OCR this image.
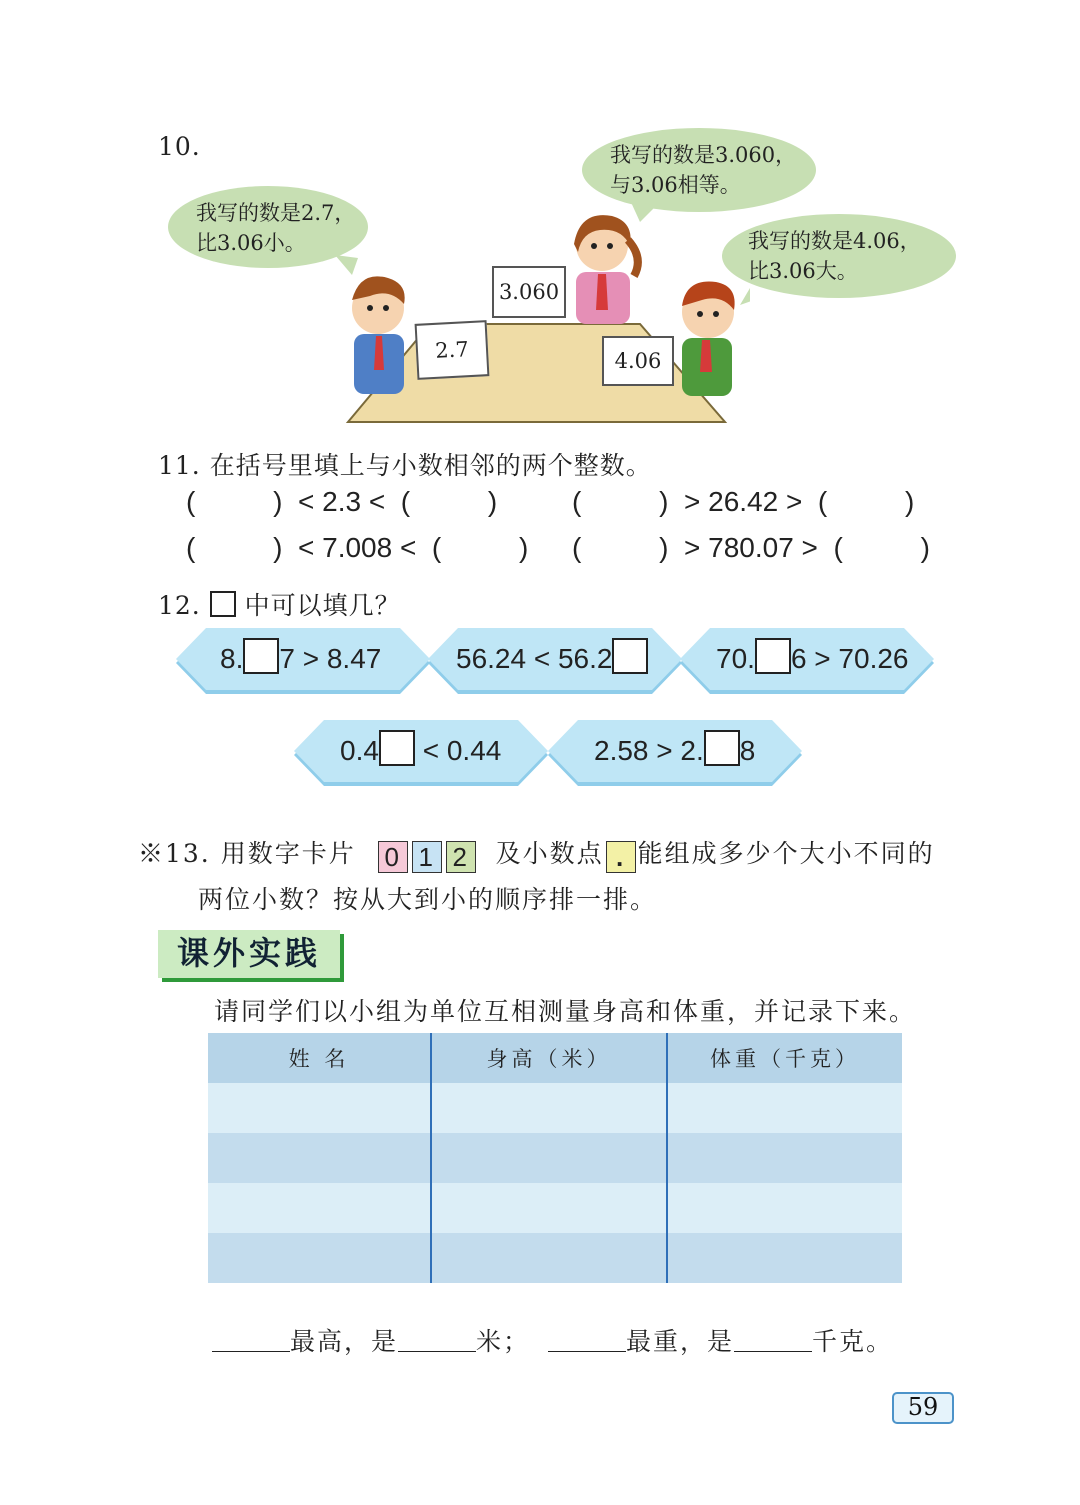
10.
我写的数是2.7，
比3.06小。
我写的数是3.060，
与3.06相等。
我写的数是4.06，
比3.06大。
2.7
3.060
4.06
11. 在括号里填上与小数相邻的两个整数。
(          )  < 2.3 <  (          )	(          )  > 26.42 >  (          )
(          )  < 7.008 <  (          ) (          )  > 780.07 >  (          )
12. 中可以填几？
8. 7 > 8.47	56.24 < 56.2	70. 6 > 70.26
0.4 < 0.44	2.58 > 2. 8
※13. 用数字卡片 0 1 2 及小数点 . 能组成多少个大小不同的
两位小数？按从大到小的顺序排一排。
课外实践
请同学们以小组为单位互相测量身高和体重，并记录下来。
姓 名	身高（米）	体重（千克）

最高，是	米；	最重，是	千克。
59
